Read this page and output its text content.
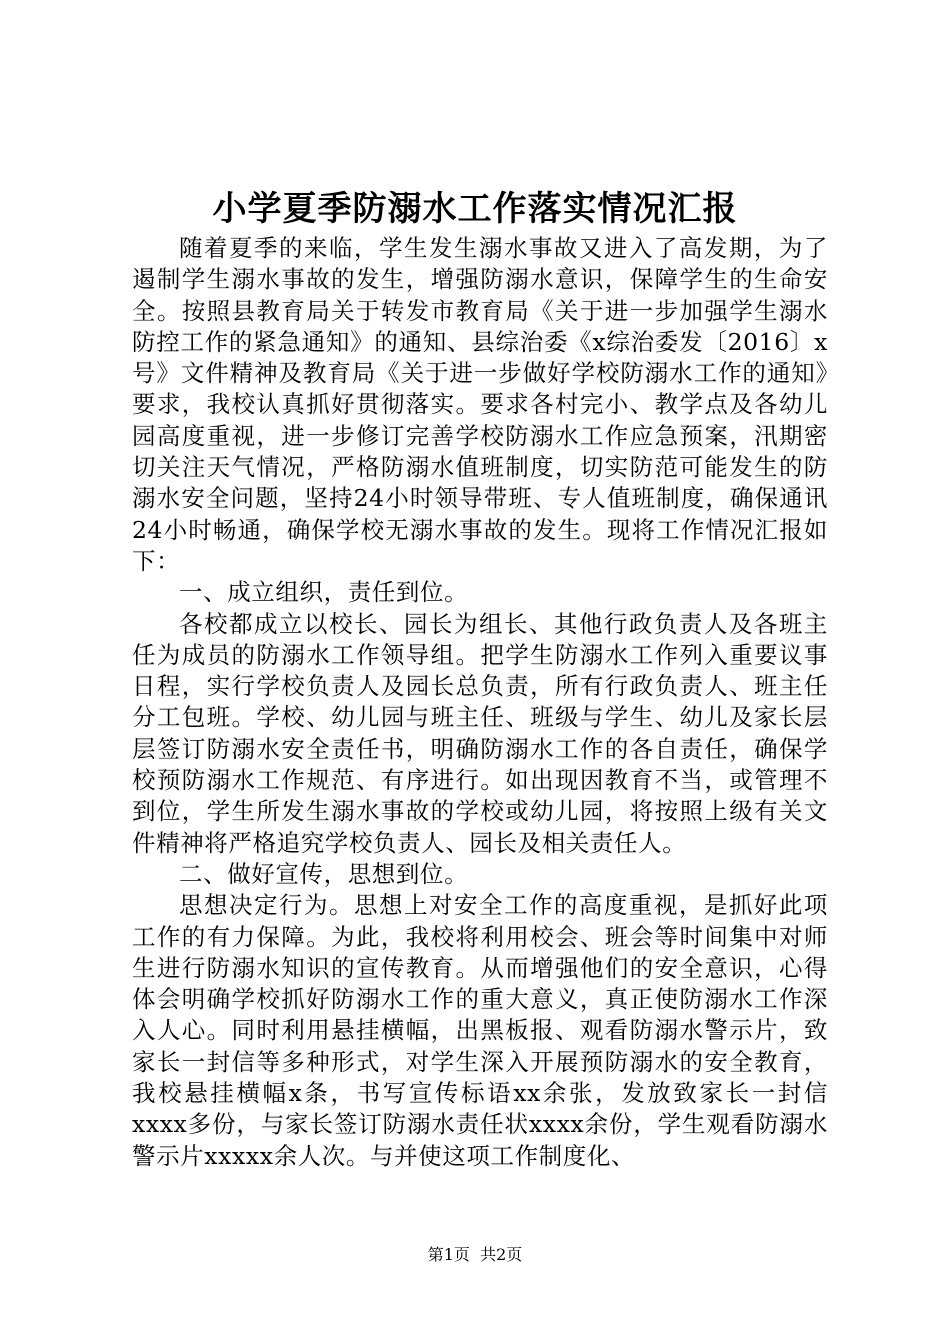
小学夏季防溺水工作落实情况汇报

随着夏季的来临，学生发生溺水事故又进入了高发期，为了遏制学生溺水事故的发生，增强防溺水意识，保障学生的生命安全。按照县教育局关于转发市教育局《关于进一步加强学生溺水防控工作的紧急通知》的通知、县综治委《x综治委发〔2016〕x号》文件精神及教育局《关于进一步做好学校防溺水工作的通知》要求，我校认真抓好贯彻落实。要求各村完小、教学点及各幼儿园高度重视，进一步修订完善学校防溺水工作应急预案，汛期密切关注天气情况，严格防溺水值班制度，切实防范可能发生的防溺水安全问题，坚持24小时领导带班、专人值班制度，确保通讯24小时畅通，确保学校无溺水事故的发生。现将工作情况汇报如下：

一、成立组织，责任到位。

各校都成立以校长、园长为组长、其他行政负责人及各班主任为成员的防溺水工作领导组。把学生防溺水工作列入重要议事日程，实行学校负责人及园长总负责，所有行政负责人、班主任分工包班。学校、幼儿园与班主任、班级与学生、幼儿及家长层层签订防溺水安全责任书，明确防溺水工作的各自责任，确保学校预防溺水工作规范、有序进行。如出现因教育不当，或管理不到位，学生所发生溺水事故的学校或幼儿园，将按照上级有关文件精神将严格追究学校负责人、园长及相关责任人。

二、做好宣传，思想到位。

思想决定行为。思想上对安全工作的高度重视，是抓好此项工作的有力保障。为此，我校将利用校会、班会等时间集中对师生进行防溺水知识的宣传教育。从而增强他们的安全意识，心得体会明确学校抓好防溺水工作的重大意义，真正使防溺水工作深入人心。同时利用悬挂横幅，出黑板报、观看防溺水警示片，致家长一封信等多种形式，对学生深入开展预防溺水的安全教育，我校悬挂横幅x条，书写宣传标语xx余张，发放致家长一封信xxxx多份，与家长签订防溺水责任状xxxx余份，学生观看防溺水警示片xxxxx余人次。与并使这项工作制度化、

第1页 共2页
